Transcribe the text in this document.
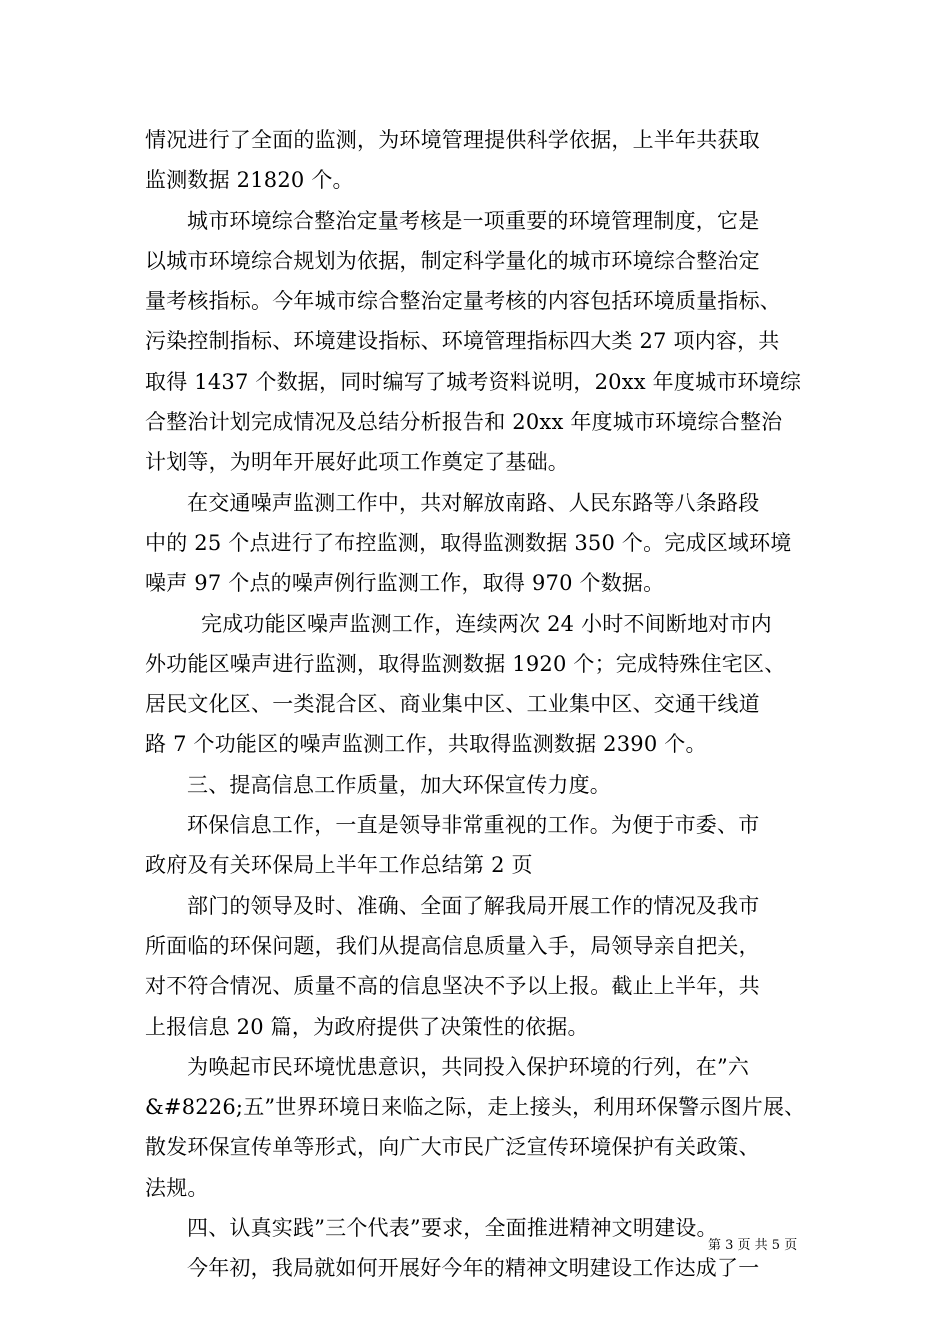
情况进行了全面的监测，为环境管理提供科学依据，上半年共获取
监测数据 21820 个。
城市环境综合整治定量考核是一项重要的环境管理制度，它是
以城市环境综合规划为依据，制定科学量化的城市环境综合整治定
量考核指标。今年城市综合整治定量考核的内容包括环境质量指标、
污染控制指标、环境建设指标、环境管理指标四大类 27 项内容，共
取得 1437 个数据，同时编写了城考资料说明，20xx 年度城市环境综
合整治计划完成情况及总结分析报告和 20xx 年度城市环境综合整治
计划等，为明年开展好此项工作奠定了基础。
在交通噪声监测工作中，共对解放南路、人民东路等八条路段
中的 25 个点进行了布控监测，取得监测数据 350 个。完成区域环境
噪声 97 个点的噪声例行监测工作，取得 970 个数据。
完成功能区噪声监测工作，连续两次 24 小时不间断地对市内
外功能区噪声进行监测，取得监测数据 1920 个；完成特殊住宅区、
居民文化区、一类混合区、商业集中区、工业集中区、交通干线道
路 7 个功能区的噪声监测工作，共取得监测数据 2390 个。
三、提高信息工作质量，加大环保宣传力度。
环保信息工作，一直是领导非常重视的工作。为便于市委、市
政府及有关环保局上半年工作总结第 2 页
部门的领导及时、准确、全面了解我局开展工作的情况及我市
所面临的环保问题，我们从提高信息质量入手，局领导亲自把关，
对不符合情况、质量不高的信息坚决不予以上报。截止上半年，共
上报信息 20 篇，为政府提供了决策性的依据。
为唤起市民环境忧患意识，共同投入保护环境的行列，在”六
&#8226;五”世界环境日来临之际，走上接头，利用环保警示图片展、
散发环保宣传单等形式，向广大市民广泛宣传环境保护有关政策、
法规。
四、认真实践”三个代表”要求，全面推进精神文明建设。
今年初，我局就如何开展好今年的精神文明建设工作达成了一
第 3 页 共 5 页
